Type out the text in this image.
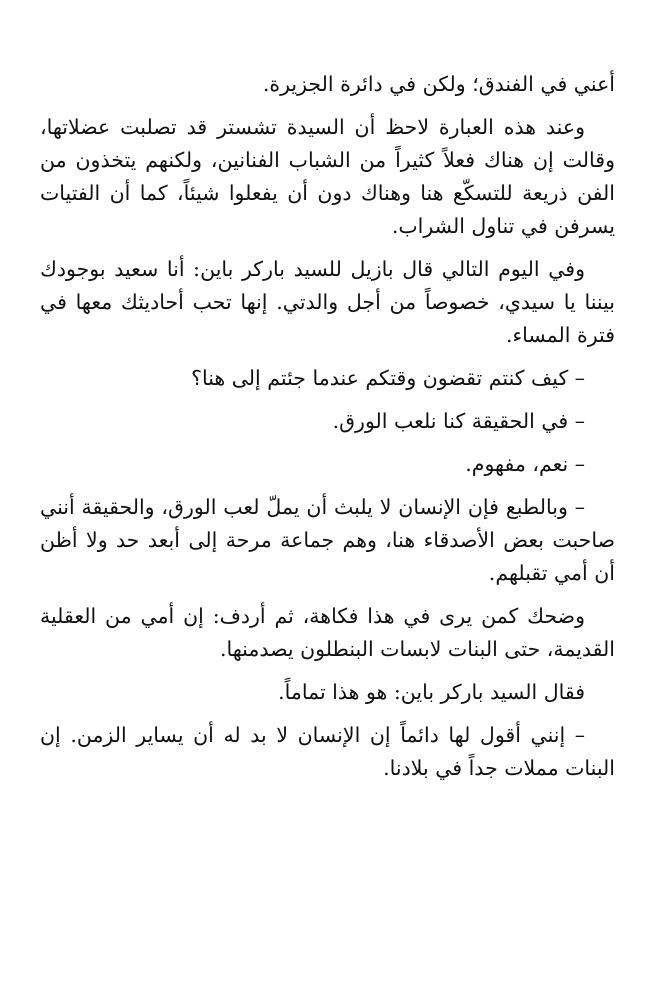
أعني في الفندق؛ ولكن في دائرة الجزيرة.

وعند هذه العبارة لاحظ أن السيدة تشستر قد تصلبت عضلاتها، وقالت إن هناك فعلاً كثيراً من الشباب الفنانين، ولكنهم يتخذون من الفن ذريعة للتسكّع هنا وهناك دون أن يفعلوا شيئاً، كما أن الفتيات يسرفن في تناول الشراب.

وفي اليوم التالي قال بازيل للسيد باركر باين: أنا سعيد بوجودك بيننا يا سيدي، خصوصاً من أجل والدتي. إنها تحب أحاديثك معها في فترة المساء.

– كيف كنتم تقضون وقتكم عندما جئتم إلى هنا؟

– في الحقيقة كنا نلعب الورق.

– نعم، مفهوم.

– وبالطبع فإن الإنسان لا يلبث أن يملّ لعب الورق، والحقيقة أنني صاحبت بعض الأصدقاء هنا، وهم جماعة مرحة إلى أبعد حد ولا أظن أن أمي تقبلهم.

وضحك كمن يرى في هذا فكاهة، ثم أردف: إن أمي من العقلية القديمة، حتى البنات لابسات البنطلون يصدمنها.

فقال السيد باركر باين: هو هذا تماماً.

– إنني أقول لها دائماً إن الإنسان لا بد له أن يساير الزمن. إن البنات مملات جداً في بلادنا.
